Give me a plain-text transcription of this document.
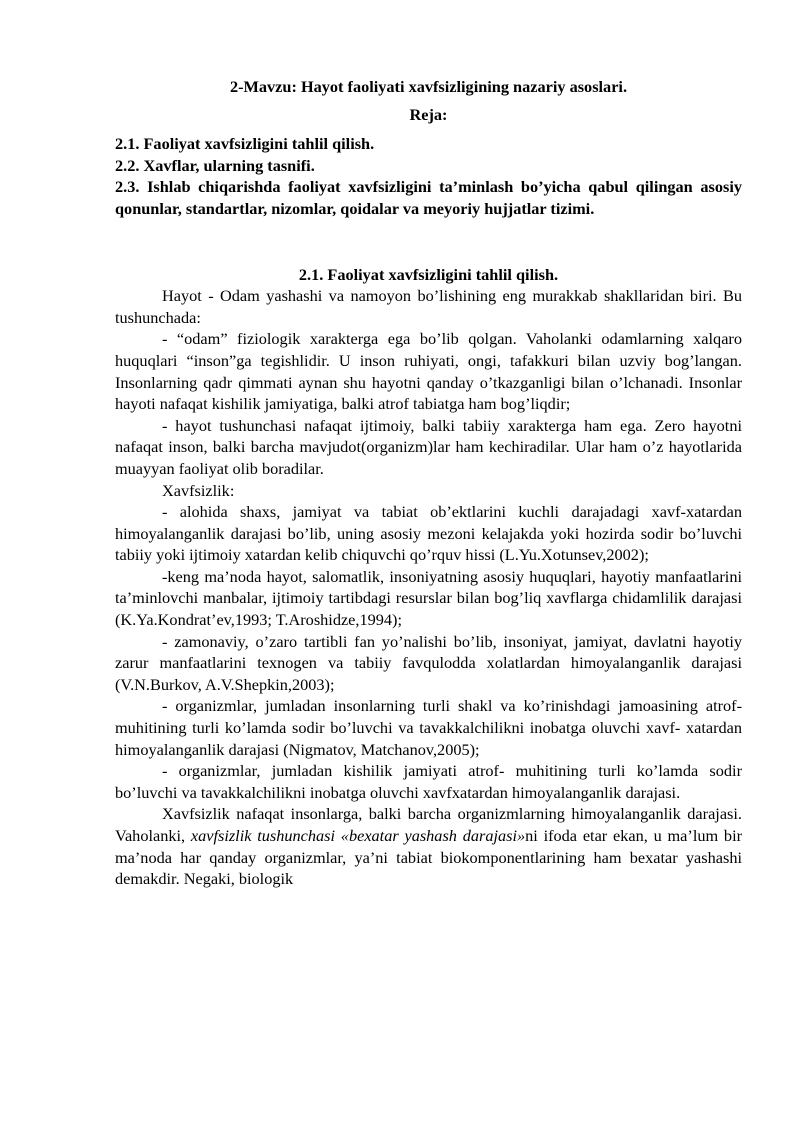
2-Mavzu: Hayot faoliyati xavfsizligining nazariy asoslari.
Reja:
2.1. Faoliyat xavfsizligini tahlil qilish.
2.2. Xavflar, ularning tasnifi.
2.3. Ishlab chiqarishda faoliyat xavfsizligini ta’minlash bo’yicha qabul qilingan asosiy qonunlar, standartlar, nizomlar, qoidalar va meyoriy hujjatlar tizimi.
2.1. Faoliyat xavfsizligini tahlil qilish.

Hayot - Odam yashashi va namoyon bo’lishining eng murakkab shakllaridan biri. Bu tushunchada:

- “odam” fiziologik xarakterga ega bo’lib qolgan. Vaholanki odamlarning xalqaro huquqlari “inson”ga tegishlidir. U inson ruhiyati, ongi, tafakkuri bilan uzviy bog’langan. Insonlarning qadr qimmati aynan shu hayotni qanday o’tkazganligi bilan o’lchanadi. Insonlar hayoti nafaqat kishilik jamiyatiga, balki atrof tabiatga ham bog’liqdir;

- hayot tushunchasi nafaqat ijtimoiy, balki tabiiy xarakterga ham ega. Zero hayotni nafaqat inson, balki barcha mavjudot(organizm)lar ham kechiradilar. Ular ham o’z hayotlarida muayyan faoliyat olib boradilar.

Xavfsizlik:

- alohida shaxs, jamiyat va tabiat ob’ektlarini kuchli darajadagi xavf-xatardan himoyalanganlik darajasi bo’lib, uning asosiy mezoni kelajakda yoki hozirda sodir bo’luvchi tabiiy yoki ijtimoiy xatardan kelib chiquvchi qo’rquv hissi (L.Yu.Xotunsev,2002);

-keng ma’noda hayot, salomatlik, insoniyatning asosiy huquqlari, hayotiy manfaatlarini ta’minlovchi manbalar, ijtimoiy tartibdagi resurslar bilan bog’liq xavflarga chidamlilik darajasi (K.Ya.Kondrat’ev,1993; T.Aroshidze,1994);

- zamonaviy, o’zaro tartibli fan yo’nalishi bo’lib, insoniyat, jamiyat, davlatni hayotiy zarur manfaatlarini texnogen va tabiiy favqulodda xolatlardan himoyalanganlik darajasi (V.N.Burkov, A.V.Shepkin,2003);

- organizmlar, jumladan insonlarning turli shakl va ko’rinishdagi jamoasining atrof-muhitining turli ko’lamda sodir bo’luvchi va tavakkalchilikni inobatga oluvchi xavf- xatardan himoyalanganlik darajasi (Nigmatov, Matchanov,2005);

- organizmlar, jumladan kishilik jamiyati atrof- muhitining turli ko’lamda sodir bo’luvchi va tavakkalchilikni inobatga oluvchi xavfxatardan himoyalanganlik darajasi.

Xavfsizlik nafaqat insonlarga, balki barcha organizmlarning himoyalanganlik darajasi. Vaholanki, xavfsizlik tushunchasi «bexatar yashash darajasi»ni ifoda etar ekan, u ma’lum bir ma’noda har qanday organizmlar, ya’ni tabiat biokomponentlarining ham bexatar yashashi demakdir. Negaki, biologik
